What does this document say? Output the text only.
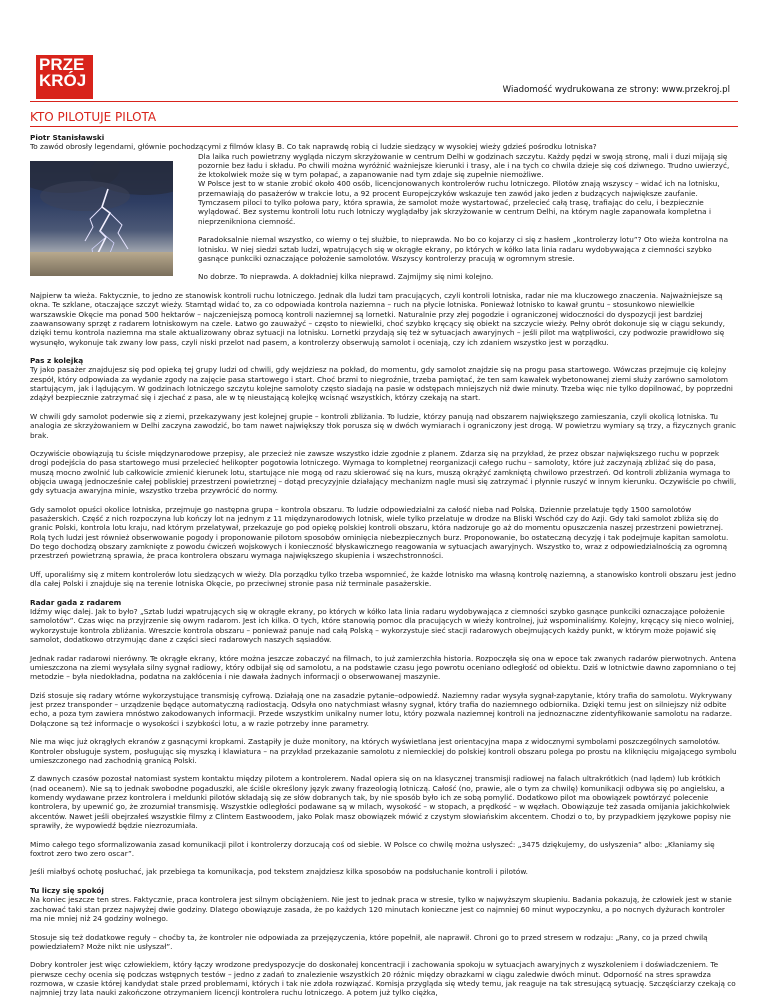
PRZE
KRÓJ	Wiadomość wydrukowana ze strony: www.przekroj.pl
KTO PILOTUJE PILOTA
Piotr Stanisławski
To zawód obrosły legendami, głównie pochodzącymi z filmów klasy B. Co tak naprawdę robią ci ludzie siedzący w wysokiej wieży gdzieś pośrodku lotniska?

Dla laika ruch powietrzny wygląda niczym skrzyżowanie w centrum Delhi w godzinach szczytu. Każdy pędzi w swoją stronę, mali i duzi mijają się pozornie bez ładu i składu. Po chwili można wyróżnić ważniejsze kierunki i trasy, ale i na tych co chwila dzieje się coś dziwnego. Trudno uwierzyć, że ktokolwiek może się w tym połapać, a zapanowanie nad tym zdaje się zupełnie niemożliwe.
W Polsce jest to w stanie zrobić około 400 osób, licencjonowanych kontrolerów ruchu lotniczego. Pilotów znają wszyscy – widać ich na lotnisku, przemawiają do pasażerów w trakcie lotu, a 92 procent Europejczyków wskazuje ten zawód jako jeden z budzących największe zaufanie. Tymczasem piloci to tylko połowa pary, która sprawia, że samolot może wystartować, przelecieć całą trasę, trafiając do celu, i bezpiecznie wylądować. Bez systemu kontroli lotu ruch lotniczy wyglądałby jak skrzyżowanie w centrum Delhi, na którym nagle zapanowała kompletna i nieprzenikniona ciemność.

Paradoksalnie niemal wszystko, co wiemy o tej służbie, to nieprawda. No bo co kojarzy ci się z hasłem „kontrolerzy lotu”? Oto wieża kontrolna na lotnisku. W niej siedzi sztab ludzi, wpatrujących się w okrągłe ekrany, po których w kółko lata linia radaru wydobywająca z ciemności szybko gasnące punkciki oznaczające położenie samolotów. Wszyscy kontrolerzy pracują w ogromnym stresie.

No dobrze. To nieprawda. A dokładniej kilka nieprawd. Zajmijmy się nimi kolejno.

Najpierw ta wieża. Faktycznie, to jedno ze stanowisk kontroli ruchu lotniczego. Jednak dla ludzi tam pracujących, czyli kontroli lotniska, radar nie ma kluczowego znaczenia. Najważniejsze są okna. Te szklane, otaczające szczyt wieży. Stamtąd widać to, za co odpowiada kontrola naziemna – ruch na płycie lotniska. Ponieważ lotnisko to kawał gruntu – stosunkowo niewielkie warszawskie Okęcie ma ponad 500 hektarów – najczeniejszą pomocą kontroli naziemnej są lornetki. Naturalnie przy złej pogodzie i ograniczonej widoczności do dyspozycji jest bardziej zaawansowany sprzęt z radarem lotniskowym na czele. Łatwo go zauważyć – często to niewielki, choć szybko kręcący się obiekt na szczycie wieży. Pełny obrót dokonuje się w ciągu sekundy, dzięki temu kontrola naziemna ma stale aktualizowany obraz sytuacji na lotnisku. Lornetki przydają się też w sytuacjach awaryjnych – jeśli pilot ma wątpliwości, czy podwozie prawidłowo się wysunęło, wykonuje tak zwany low pass, czyli niski przelot nad pasem, a kontrolerzy obserwują samolot i oceniają, czy ich zdaniem wszystko jest w porządku.

Pas z kolejką

Ty jako pasażer znajdujesz się pod opieką tej grupy ludzi od chwili, gdy wejdziesz na pokład, do momentu, gdy samolot znajdzie się na progu pasa startowego. Wówczas przejmuje cię kolejny zespół, który odpowiada za wydanie zgody na zajęcie pasa startowego i start. Choć brzmi to niegroźnie, trzeba pamiętać, że ten sam kawałek wybetonowanej ziemi służy zarówno samolotom startującym, jak i lądującym. W godzinach lotniczego szczytu kolejne samoloty często siadają na pasie w odstępach mniejszych niż dwie minuty. Trzeba więc nie tylko dopilnować, by poprzedni zdążył bezpiecznie zatrzymać się i zjechać z pasa, ale w tę nieustającą kolejkę wcisnąć wszystkich, którzy czekają na start.

W chwili gdy samolot poderwie się z ziemi, przekazywany jest kolejnej grupie – kontroli zbliżania. To ludzie, którzy panują nad obszarem największego zamieszania, czyli okolicą lotniska. Tu analogia ze skrzyżowaniem w Delhi zaczyna zawodzić, bo tam nawet największy tłok porusza się w dwóch wymiarach i ograniczony jest drogą. W powietrzu wymiary są trzy, a fizycznych granic brak.

Oczywiście obowiązują tu ścisłe międzynarodowe przepisy, ale przecież nie zawsze wszystko idzie zgodnie z planem. Zdarza się na przykład, że przez obszar największego ruchu w poprzek drogi podejścia do pasa startowego musi przelecieć helikopter pogotowia lotniczego. Wymaga to kompletnej reorganizacji całego ruchu – samoloty, które już zaczynają zbliżać się do pasa, muszą mocno zwolnić lub całkowicie zmienić kierunek lotu, startujące nie mogą od razu skierować się na kurs, muszą okrążyć zamkniętą chwilowo przestrzeń. Od kontroli zbliżania wymaga to objęcia uwagą jednocześnie całej pobliskiej przestrzeni powietrznej – dotąd precyzyjnie działający mechanizm nagle musi się zatrzymać i płynnie ruszyć w innym kierunku. Oczywiście po chwili, gdy sytuacja awaryjna minie, wszystko trzeba przywrócić do normy.

Gdy samolot opuści okolice lotniska, przejmuje go następna grupa – kontrola obszaru. To ludzie odpowiedzialni za całość nieba nad Polską. Dziennie przelatuje tędy 1500 samolotów pasażerskich. Część z nich rozpoczyna lub kończy lot na jednym z 11 międzynarodowych lotnisk, wiele tylko przelatuje w drodze na Bliski Wschód czy do Azji. Gdy taki samolot zbliża się do granic Polski, kontrola lotu kraju, nad którym przelatywał, przekazuje go pod opiekę polskiej kontroli obszaru, która nadzoruje go aż do momentu opuszczenia naszej przestrzeni powietrznej. Rolą tych ludzi jest również obserwowanie pogody i proponowanie pilotom sposobów ominięcia niebezpiecznych burz. Proponowanie, bo ostateczną decyzję i tak podejmuje kapitan samolotu. Do tego dochodzą obszary zamknięte z powodu ćwiczeń wojskowych i konieczność błyskawicznego reagowania w sytuacjach awaryjnych. Wszystko to, wraz z odpowiedzialnością za ogromną przestrzeń powietrzną sprawia, że praca kontrolera obszaru wymaga największego skupienia i wszechstronności.

Uff, uporaliśmy się z mitem kontrolerów lotu siedzących w wieży. Dla porządku tylko trzeba wspomnieć, że każde lotnisko ma własną kontrolę naziemną, a stanowisko kontroli obszaru jest jedno dla całej Polski i znajduje się na terenie lotniska Okęcie, po przeciwnej stronie pasa niż terminale pasażerskie.

Radar gada z radarem

Idźmy więc dalej. Jak to było? „Sztab ludzi wpatrujących się w okrągłe ekrany, po których w kółko lata linia radaru wydobywająca z ciemności szybko gasnące punkciki oznaczające położenie samolotów”. Czas więc na przyjrzenie się owym radarom. Jest ich kilka. O tych, które stanowią pomoc dla pracujących w wieży kontrolnej, już wspominaliśmy. Kolejny, kręcący się nieco wolniej, wykorzystuje kontrola zbliżania. Wreszcie kontrola obszaru – ponieważ panuje nad całą Polską – wykorzystuje sieć stacji radarowych obejmujących każdy punkt, w którym może pojawić się samolot, dodatkowo otrzymując dane z części sieci radarowych naszych sąsiadów.

Jednak radar radarowi nierówny. Te okrągłe ekrany, które można jeszcze zobaczyć na filmach, to już zamierzchła historia. Rozpoczęła się ona w epoce tak zwanych radarów pierwotnych. Antena umieszczona na ziemi wysyłała silny sygnał radiowy, który odbijał się od samolotu, a na podstawie czasu jego powrotu oceniano odległość od obiektu. Dziś w lotnictwie dawno zapomniano o tej metodzie – była niedokładna, podatna na zakłócenia i nie dawała żadnych informacji o obserwowanej maszynie.

Dziś stosuje się radary wtórne wykorzystujące transmisję cyfrową. Działają one na zasadzie pytanie–odpowiedź. Naziemny radar wysyła sygnał-zapytanie, który trafia do samolotu. Wykrywany jest przez transponder – urządzenie będące automatyczną radiostacją. Odsyła ono natychmiast własny sygnał, który trafia do naziemnego odbiornika. Dzięki temu jest on silniejszy niż odbite echo, a poza tym zawiera mnóstwo zakodowanych informacji. Przede wszystkim unikalny numer lotu, który pozwala naziemnej kontroli na jednoznaczne zidentyfikowanie samolotu na radarze. Dołączone są też informacje o wysokości i szybkości lotu, a w razie potrzeby inne parametry.

Nie ma więc już okrągłych ekranów z gasnącymi kropkami. Zastąpiły je duże monitory, na których wyświetlana jest orientacyjna mapa z widocznymi symbolami poszczególnych samolotów. Kontroler obsługuje system, posługując się myszką i klawiatura – na przykład przekazanie samolotu z niemieckiej do polskiej kontroli obszaru polega po prostu na kliknięciu migającego symbolu umieszczonego nad zachodnią granicą Polski.

Z dawnych czasów pozostał natomiast system kontaktu między pilotem a kontrolerem. Nadal opiera się on na klasycznej transmisji radiowej na falach ultrakrótkich (nad lądem) lub krótkich (nad oceanem). Nie są to jednak swobodne pogaduszki, ale ściśle określony język zwany frazeologią lotniczą. Całość (no, prawie, ale o tym za chwilę) komunikacji odbywa się po angielsku, a komendy wydawane przez kontrolera i meldunki pilotów składają się ze słów dobranych tak, by nie sposób było ich ze sobą pomylić. Dodatkowo pilot ma obowiązek powtórzyć polecenie kontrolera, by upewnić go, że zrozumiał transmisję. Wszystkie odległości podawane są w milach, wysokość – w stopach, a prędkość – w węzłach. Obowiązuje też zasada omijania jakichkolwiek akcentów. Nawet jeśli obejrzałeś wszystkie filmy z Clintem Eastwoodem, jako Polak masz obowiązek mówić z czystym słowiańskim akcentem. Chodzi o to, by przypadkiem językowe popisy nie sprawiły, że wypowiedź będzie niezrozumiała.

Mimo całego tego sformalizowania zasad komunikacji pilot i kontrolerzy dorzucają coś od siebie. W Polsce co chwilę można usłyszeć: „3475 dziękujemy, do usłyszenia” albo: „Kłaniamy się foxtrot zero two zero oscar”.

Jeśli miałbyś ochotę posłuchać, jak przebiega ta komunikacja, pod tekstem znajdziesz kilka sposobów na podsłuchanie kontroli i pilotów.

Tu liczy się spokój

Na koniec jeszcze ten stres. Faktycznie, praca kontrolera jest silnym obciążeniem. Nie jest to jednak praca w stresie, tylko w najwyższym skupieniu. Badania pokazują, że człowiek jest w stanie zachować taki stan przez najwyżej dwie godziny. Dlatego obowiązuje zasada, że po każdych 120 minutach konieczne jest co najmniej 60 minut wypoczynku, a po nocnych dyżurach kontroler ma nie mniej niż 24 godziny wolnego.

Stosuje się też dodatkowe reguły – choćby ta, że kontroler nie odpowiada za przejęzyczenia, które popełnił, ale naprawił. Chroni go to przed stresem w rodzaju: „Rany, co ja przed chwilą powiedziałem? Może nikt nie usłyszał”.

Dobry kontroler jest więc człowiekiem, który łączy wrodzone predyspozycje do doskonałej koncentracji i zachowania spokoju w sytuacjach awaryjnych z wyszkoleniem i doświadczeniem. Te pierwsze cechy ocenia się podczas wstępnych testów – jedno z zadań to znalezienie wszystkich 20 różnic między obrazkami w ciągu zaledwie dwóch minut. Odporność na stres sprawdza rozmowa, w czasie której kandydat stale przed problemami, których i tak nie zdoła rozwiązać. Komisja przygląda się wtedy temu, jak reaguje na tak stresującą sytuację. Szczęściarzy czekają co najmniej trzy lata nauki zakończone otrzymaniem licencji kontrolera ruchu lotniczego. A potem już tylko ciężka,
